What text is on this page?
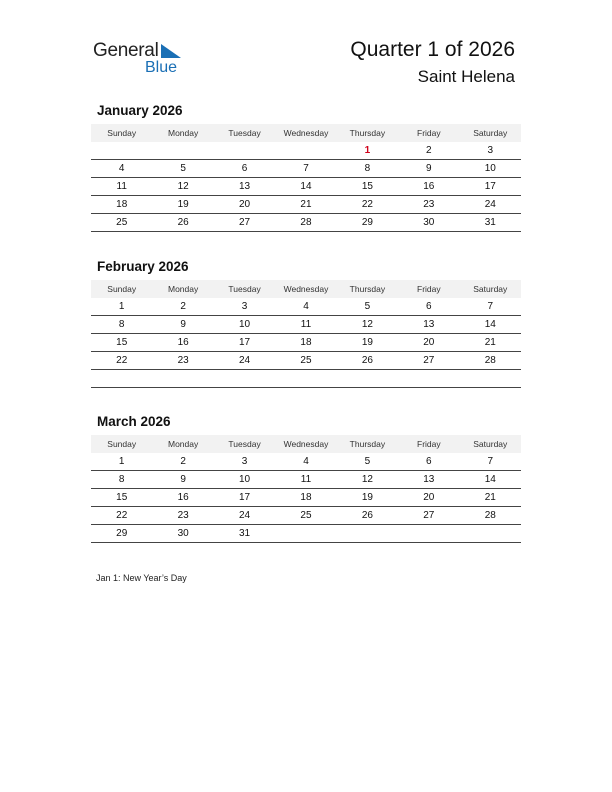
General
Blue
Quarter 1 of 2026
Saint Helena
January 2026
Sunday	Monday	Tuesday	Wednesday	Thursday	Friday	Saturday
				1	2	3
4	5	6	7	8	9	10
11	12	13	14	15	16	17
18	19	20	21	22	23	24
25	26	27	28	29	30	31
February 2026
Sunday	Monday	Tuesday	Wednesday	Thursday	Friday	Saturday
1	2	3	4	5	6	7
8	9	10	11	12	13	14
15	16	17	18	19	20	21
22	23	24	25	26	27	28

March 2026
Sunday	Monday	Tuesday	Wednesday	Thursday	Friday	Saturday
1	2	3	4	5	6	7
8	9	10	11	12	13	14
15	16	17	18	19	20	21
22	23	24	25	26	27	28
29	30	31				
Jan 1: New Year’s Day
